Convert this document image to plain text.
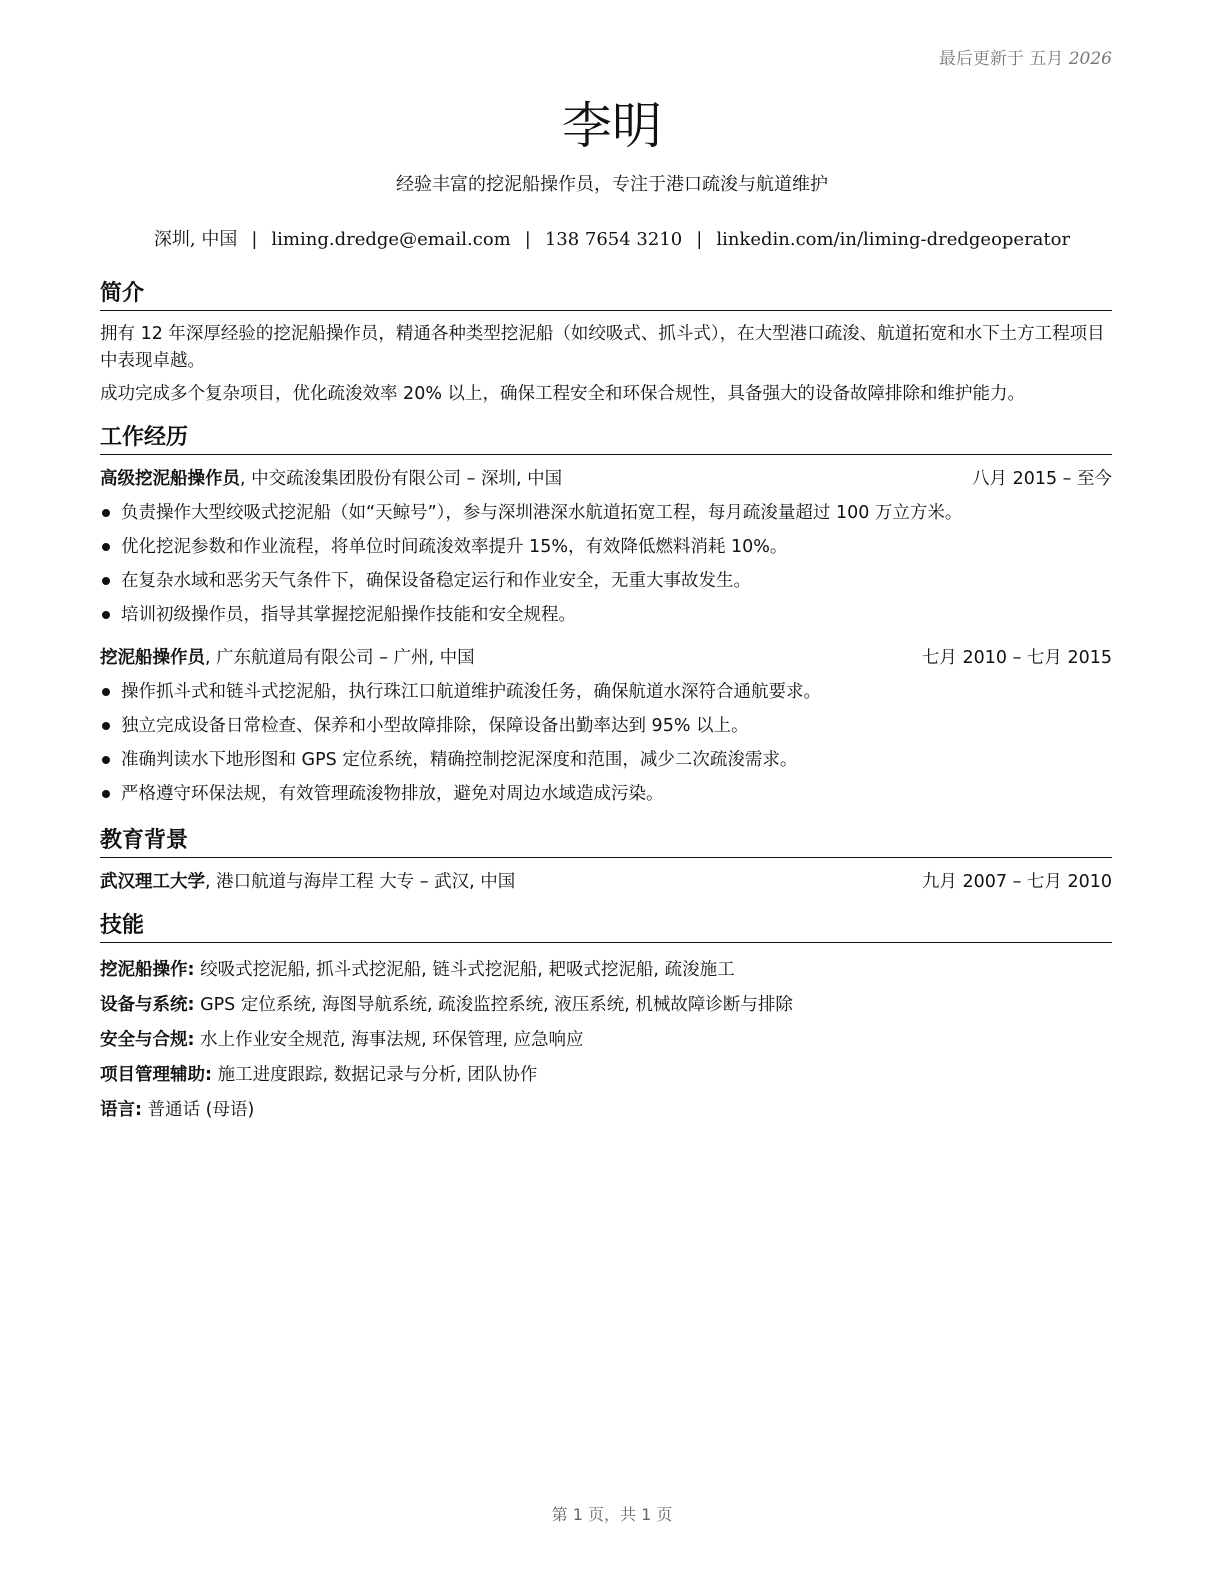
最后更新于 五月 2026
李明
经验丰富的挖泥船操作员，专注于港口疏浚与航道维护
深圳, 中国 | liming.dredge@email.com | 138 7654 3210 | linkedin.com/in/liming-dredgeoperator
简介

拥有 12 年深厚经验的挖泥船操作员，精通各种类型挖泥船（如绞吸式、抓斗式），在大型港口疏浚、航道拓宽和水下土方工程项目中表现卓越。

成功完成多个复杂项目，优化疏浚效率 20% 以上，确保工程安全和环保合规性，具备强大的设备故障排除和维护能力。

工作经历
高级挖泥船操作员, 中交疏浚集团股份有限公司 – 深圳, 中国	八月 2015 – 至今
负责操作大型绞吸式挖泥船（如“天鲸号”），参与深圳港深水航道拓宽工程，每月疏浚量超过 100 万立方米。
优化挖泥参数和作业流程，将单位时间疏浚效率提升 15%，有效降低燃料消耗 10%。
在复杂水域和恶劣天气条件下，确保设备稳定运行和作业安全，无重大事故发生。
培训初级操作员，指导其掌握挖泥船操作技能和安全规程。
挖泥船操作员, 广东航道局有限公司 – 广州, 中国	七月 2010 – 七月 2015
操作抓斗式和链斗式挖泥船，执行珠江口航道维护疏浚任务，确保航道水深符合通航要求。
独立完成设备日常检查、保养和小型故障排除，保障设备出勤率达到 95% 以上。
准确判读水下地形图和 GPS 定位系统，精确控制挖泥深度和范围，减少二次疏浚需求。
严格遵守环保法规，有效管理疏浚物排放，避免对周边水域造成污染。
教育背景
武汉理工大学, 港口航道与海岸工程 大专 – 武汉, 中国	九月 2007 – 七月 2010
技能
挖泥船操作: 绞吸式挖泥船, 抓斗式挖泥船, 链斗式挖泥船, 耙吸式挖泥船, 疏浚施工
设备与系统: GPS 定位系统, 海图导航系统, 疏浚监控系统, 液压系统, 机械故障诊断与排除
安全与合规: 水上作业安全规范, 海事法规, 环保管理, 应急响应
项目管理辅助: 施工进度跟踪, 数据记录与分析, 团队协作
语言: 普通话 (母语)
第 1 页，共 1 页
